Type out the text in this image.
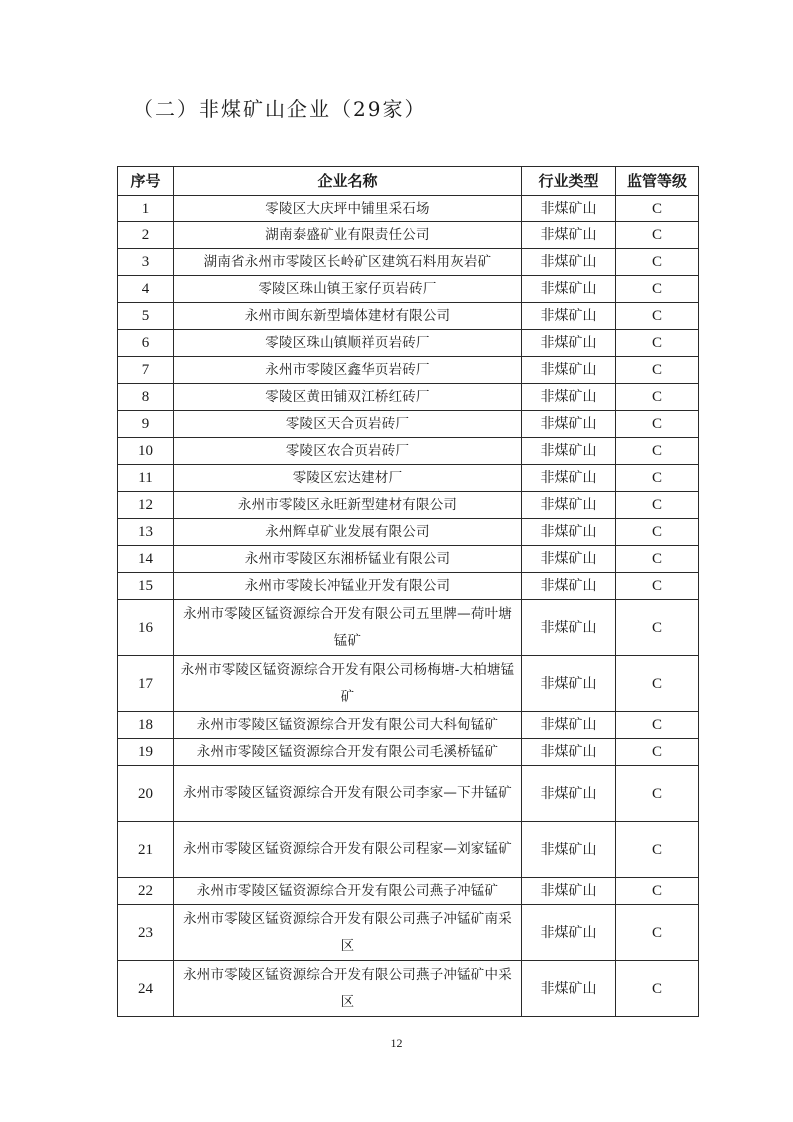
（二）非煤矿山企业（29家）
序号	企业名称	行业类型	监管等级
1	零陵区大庆坪中铺里采石场	非煤矿山	C
2	湖南泰盛矿业有限责任公司	非煤矿山	C
3	湖南省永州市零陵区长岭矿区建筑石料用灰岩矿	非煤矿山	C
4	零陵区珠山镇王家仔页岩砖厂	非煤矿山	C
5	永州市闽东新型墙体建材有限公司	非煤矿山	C
6	零陵区珠山镇顺祥页岩砖厂	非煤矿山	C
7	永州市零陵区鑫华页岩砖厂	非煤矿山	C
8	零陵区黄田铺双江桥红砖厂	非煤矿山	C
9	零陵区天合页岩砖厂	非煤矿山	C
10	零陵区农合页岩砖厂	非煤矿山	C
11	零陵区宏达建材厂	非煤矿山	C
12	永州市零陵区永旺新型建材有限公司	非煤矿山	C
13	永州辉卓矿业发展有限公司	非煤矿山	C
14	永州市零陵区东湘桥锰业有限公司	非煤矿山	C
15	永州市零陵长冲锰业开发有限公司	非煤矿山	C
16	永州市零陵区锰资源综合开发有限公司五里牌—荷叶塘锰矿	非煤矿山	C
17	永州市零陵区锰资源综合开发有限公司杨梅塘-大柏塘锰矿	非煤矿山	C
18	永州市零陵区锰资源综合开发有限公司大科甸锰矿	非煤矿山	C
19	永州市零陵区锰资源综合开发有限公司毛溪桥锰矿	非煤矿山	C
20	永州市零陵区锰资源综合开发有限公司李家—下井锰矿	非煤矿山	C
21	永州市零陵区锰资源综合开发有限公司程家—刘家锰矿	非煤矿山	C
22	永州市零陵区锰资源综合开发有限公司燕子冲锰矿	非煤矿山	C
23	永州市零陵区锰资源综合开发有限公司燕子冲锰矿南采区	非煤矿山	C
24	永州市零陵区锰资源综合开发有限公司燕子冲锰矿中采区	非煤矿山	C
12
